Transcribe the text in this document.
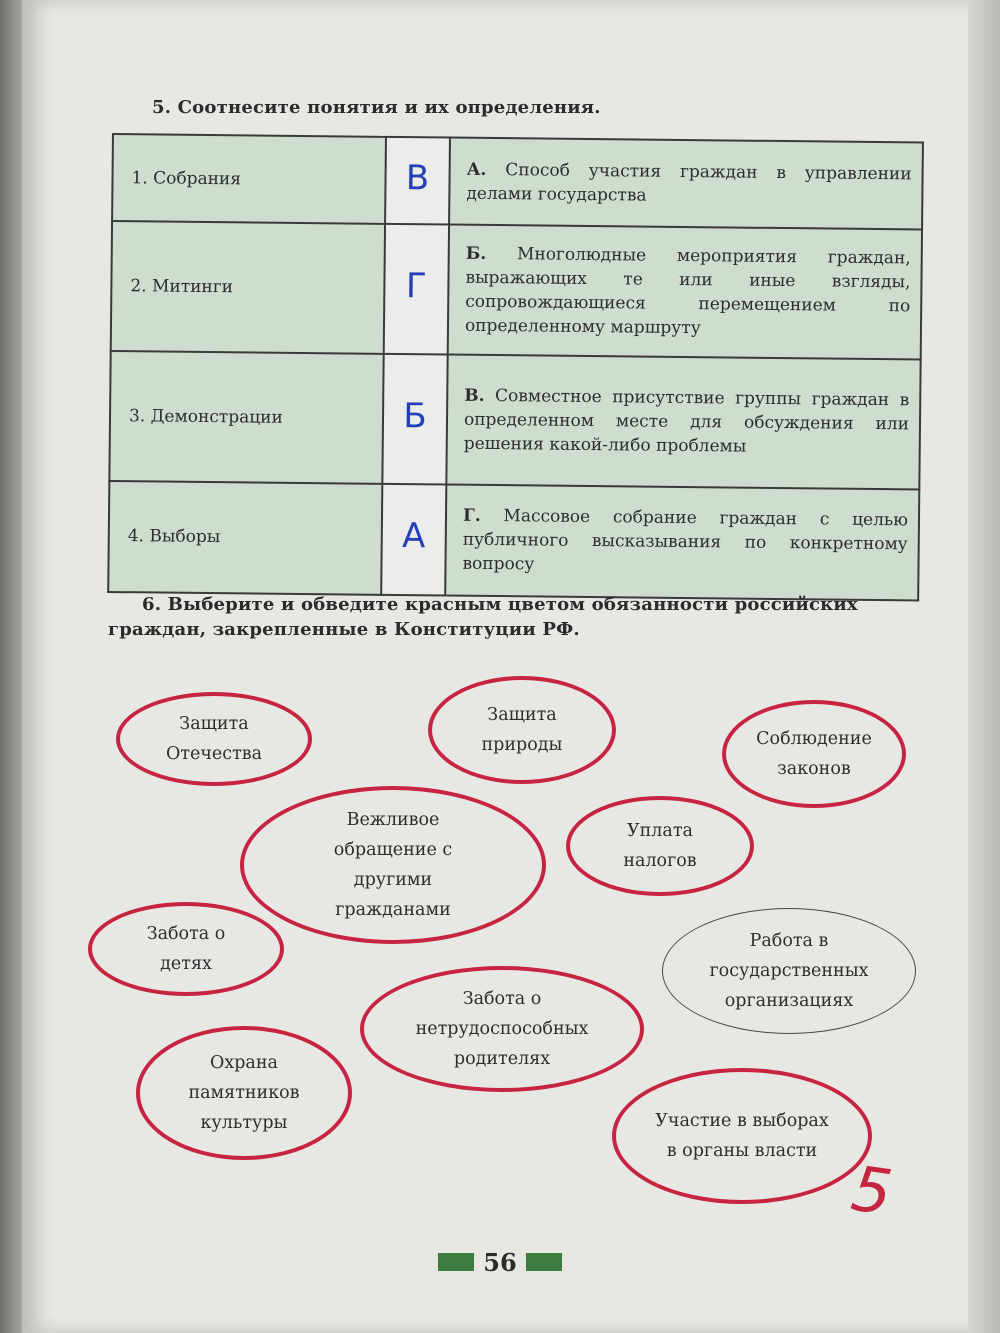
5. Соотнесите понятия и их определения.
1. Собрания	В	А. Способ участия граждан в управлении делами государства
2. Митинги	Г	Б. Многолюдные мероприятия граждан, выражающих те или иные взгляды, сопровождающиеся перемещением по определенному маршруту
3. Демонстрации	Б	В. Совместное присутствие группы граждан в определенном месте для обсуждения или решения какой-либо проблемы
4. Выборы	А	Г. Массовое собрание граждан с целью публичного высказывания по конкретному вопросу
6. Выберите и обведите красным цветом обязанности российских граждан, закрепленные в Конституции РФ.
Защита Отечества
Защита природы	Соблюдение законов
Вежливое обращение с другими гражданами
Уплата налогов
Забота о детях
Работа в государственных организациях
Забота о нетрудоспособных родителях
Охрана памятников культуры	Участие в выборах в органы власти
5
56
